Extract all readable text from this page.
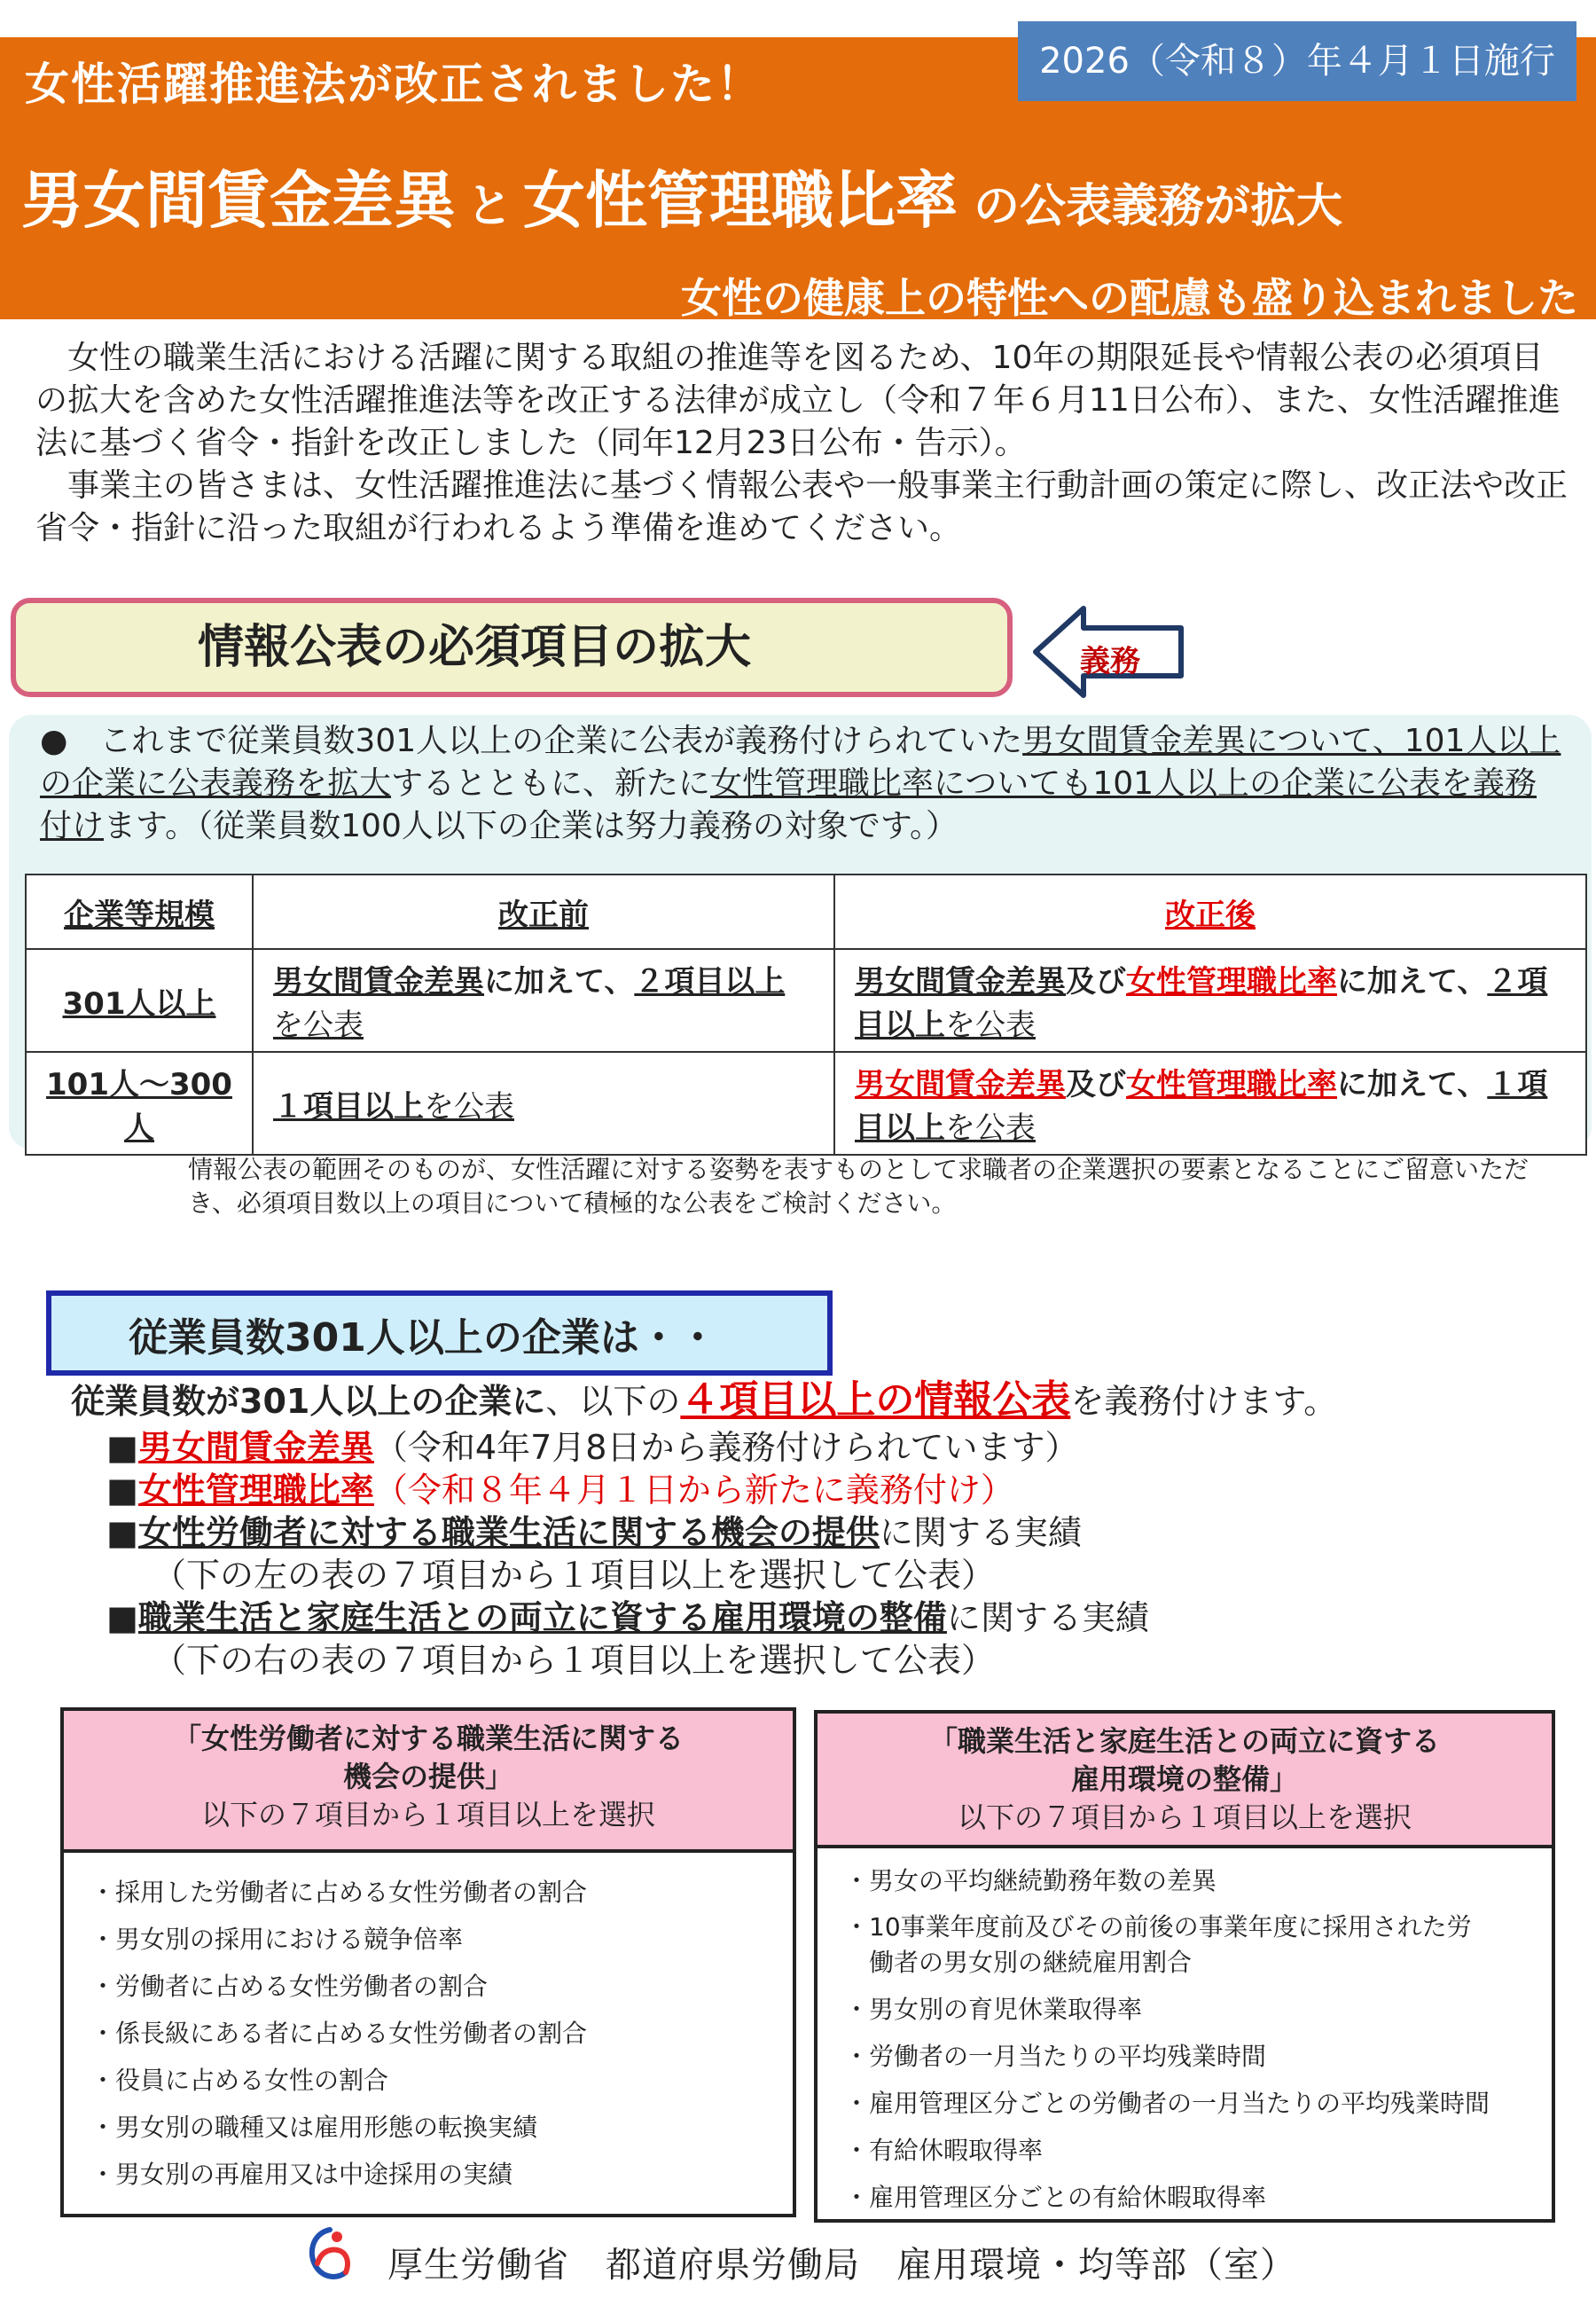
2026（令和８）年４月１日施行
女性活躍推進法が改正されました！
男女間賃金差異 と 女性管理職比率 の公表義務が拡大
女性の健康上の特性への配慮も盛り込まれました

女性の職業生活における活躍に関する取組の推進等を図るため、10年の期限延長や情報公表の必須項目の拡大を含めた女性活躍推進法等を改正する法律が成立し（令和７年６月11日公布）、また、女性活躍推進法に基づく省令・指針を改正しました（同年12月23日公布・告示）。

事業主の皆さまは、女性活躍推進法に基づく情報公表や一般事業主行動計画の策定に際し、改正法や改正省令・指針に沿った取組が行われるよう準備を進めてください。

情報公表の必須項目の拡大	義務
●　これまで従業員数301人以上の企業に公表が義務付けられていた男女間賃金差異について、101人以上の企業に公表義務を拡大するとともに、新たに女性管理職比率についても101人以上の企業に公表を義務付けます。（従業員数100人以下の企業は努力義務の対象です。）
企業等規模	改正前	改正後
301人以上	男女間賃金差異に加えて、２項目以上を公表	男女間賃金差異及び女性管理職比率に加えて、２項目以上を公表
101人～300人	１項目以上を公表	男女間賃金差異及び女性管理職比率に加えて、１項目以上を公表
情報公表の範囲そのものが、女性活躍に対する姿勢を表すものとして求職者の企業選択の要素となることにご留意いただき、必須項目数以上の項目について積極的な公表をご検討ください。
従業員数301人以上の企業は・・
従業員数が301人以上の企業に、以下の４項目以上の情報公表を義務付けます。
■男女間賃金差異（令和4年7月8日から義務付けられています）
■女性管理職比率（令和８年４月１日から新たに義務付け）
■女性労働者に対する職業生活に関する機会の提供に関する実績
（下の左の表の７項目から１項目以上を選択して公表）
■職業生活と家庭生活との両立に資する雇用環境の整備に関する実績
（下の右の表の７項目から１項目以上を選択して公表）
「女性労働者に対する職業生活に関する
機会の提供」
以下の７項目から１項目以上を選択
・採用した労働者に占める女性労働者の割合
・男女別の採用における競争倍率
・労働者に占める女性労働者の割合
・係長級にある者に占める女性労働者の割合
・役員に占める女性の割合
・男女別の職種又は雇用形態の転換実績
・男女別の再雇用又は中途採用の実績
「職業生活と家庭生活との両立に資する
雇用環境の整備」
以下の７項目から１項目以上を選択
・男女の平均継続勤務年数の差異
・10事業年度前及びその前後の事業年度に採用された労
　働者の男女別の継続雇用割合
・男女別の育児休業取得率
・労働者の一月当たりの平均残業時間
・雇用管理区分ごとの労働者の一月当たりの平均残業時間
・有給休暇取得率
・雇用管理区分ごとの有給休暇取得率
厚生労働省　都道府県労働局　雇用環境・均等部（室）
